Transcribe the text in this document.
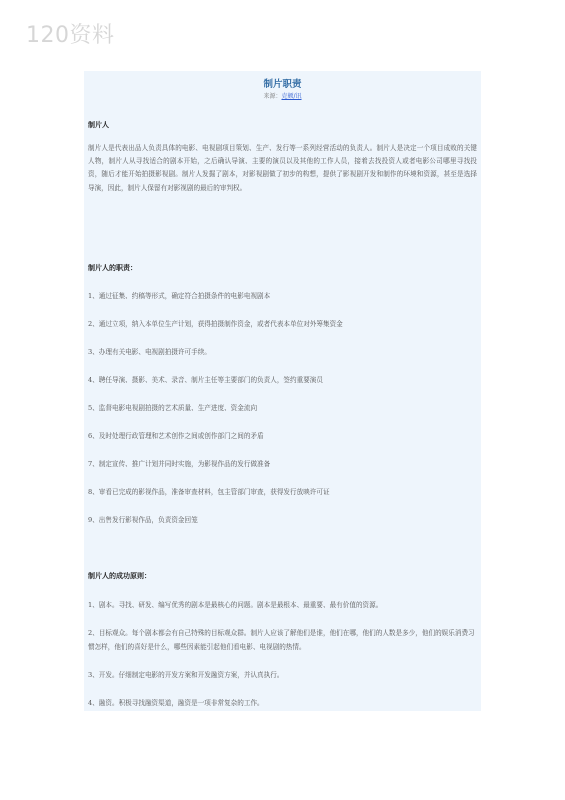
120资料
制片职责
来源：克顿/讯
制片人

制片人是代表出品人负责具体的电影、电视剧项目策划、生产、发行等一系列经营活动的负责人。制片人是决定一个项目成败的关键人物，制片人从寻找适合的剧本开始，之后确认导演、主要的演员以及其他的工作人员，接着去找投资人或者电影公司哪里寻找投资，随后才能开始拍摄影视剧。制片人发掘了剧本，对影视剧做了初步的构想，提供了影视剧开发和制作的环境和资源，甚至是选择导演，因此，制片人保留有对影视剧的最后的审判权。

制片人的职责：

1、通过征集、约稿等形式，确定符合拍摄条件的电影电视剧本

2、通过立项，纳入本单位生产计划，获得拍摄制作资金，或者代表本单位对外筹集资金

3、办理有关电影、电视剧拍摄许可手续。

4、聘任导演、摄影、美术、录音、制片主任等主要部门的负责人，签约重要演员

5、监督电影电视剧拍摄的艺术质量、生产进度、资金流向

6、及时处理行政管理和艺术创作之间或创作部门之间的矛盾

7、制定宣传、推广计划并同时实施，为影视作品的发行做准备

8、审看已完成的影视作品，准备审查材料，包主管部门审查，获得发行放映许可证

9、出售发行影视作品，负责资金回笼

制片人的成功原则：

1、剧本。寻找、研发、编写优秀的剧本是最核心的问题。剧本是最根本、最重要、最有价值的资源。

2、目标观众。每个剧本都会有自己特殊的目标观众群。制片人应该了解他们是谁，他们在哪，他们的人数是多少，他们的娱乐消费习惯怎样，他们的喜好是什么，哪些因素能引起他们看电影、电视剧的热情。

3、开发。仔细制定电影的开发方案和开发融资方案，并认真执行。

4、融资。积极寻找融资渠道，融资是一项非常复杂的工作。
